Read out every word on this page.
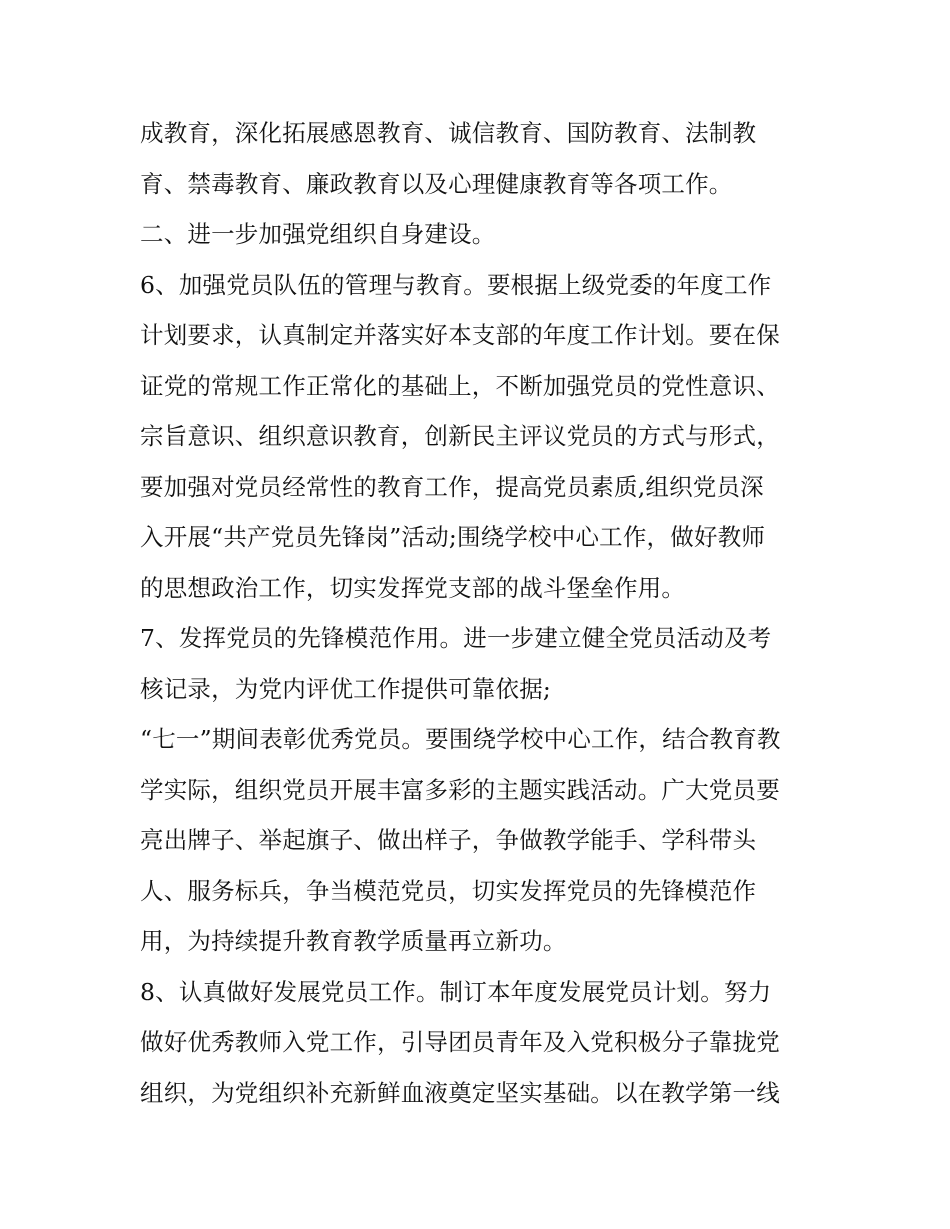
成教育，深化拓展感恩教育、诚信教育、国防教育、法制教
育、禁毒教育、廉政教育以及心理健康教育等各项工作。
二、进一步加强党组织自身建设。
6、加强党员队伍的管理与教育。要根据上级党委的年度工作
计划要求，认真制定并落实好本支部的年度工作计划。要在保
证党的常规工作正常化的基础上，不断加强党员的党性意识、
宗旨意识、组织意识教育，创新民主评议党员的方式与形式，
要加强对党员经常性的教育工作，提高党员素质,组织党员深
入开展“共产党员先锋岗”活动;围绕学校中心工作，做好教师
的思想政治工作，切实发挥党支部的战斗堡垒作用。
7、发挥党员的先锋模范作用。进一步建立健全党员活动及考
核记录，为党内评优工作提供可靠依据;
“七一”期间表彰优秀党员。要围绕学校中心工作，结合教育教
学实际，组织党员开展丰富多彩的主题实践活动。广大党员要
亮出牌子、举起旗子、做出样子，争做教学能手、学科带头
人、服务标兵，争当模范党员，切实发挥党员的先锋模范作
用，为持续提升教育教学质量再立新功。
8、认真做好发展党员工作。制订本年度发展党员计划。努力
做好优秀教师入党工作，引导团员青年及入党积极分子靠拢党
组织，为党组织补充新鲜血液奠定坚实基础。以在教学第一线
